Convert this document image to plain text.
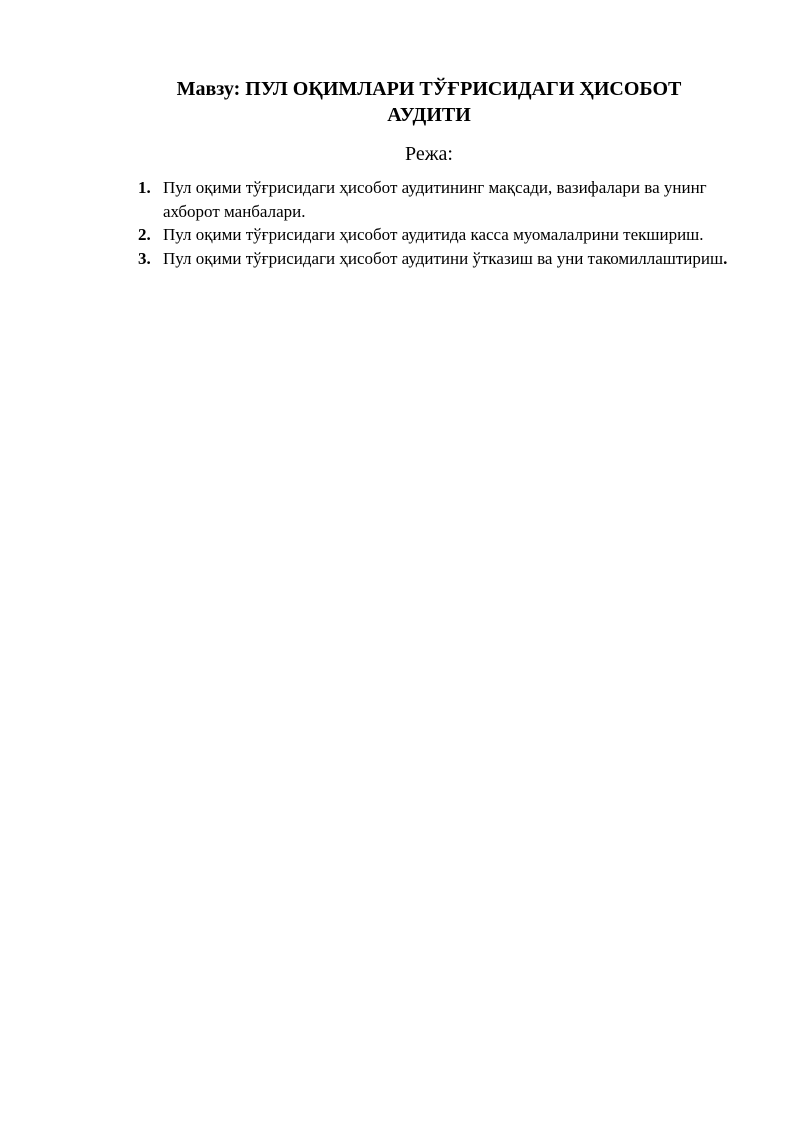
Мавзу: ПУЛ ОҚИМЛАРИ ТЎҒРИСИДАГИ ҲИСОБОТ АУДИТИ
Режа:
1. Пул оқими тўғрисидаги ҳисобот аудитининг мақсади, вазифалари ва унинг ахборот манбалари.
2. Пул оқими тўғрисидаги ҳисобот аудитида касса муомалалрини текшириш.
3. Пул оқими тўғрисидаги ҳисобот аудитини ўтказиш ва уни такомиллаштириш.
